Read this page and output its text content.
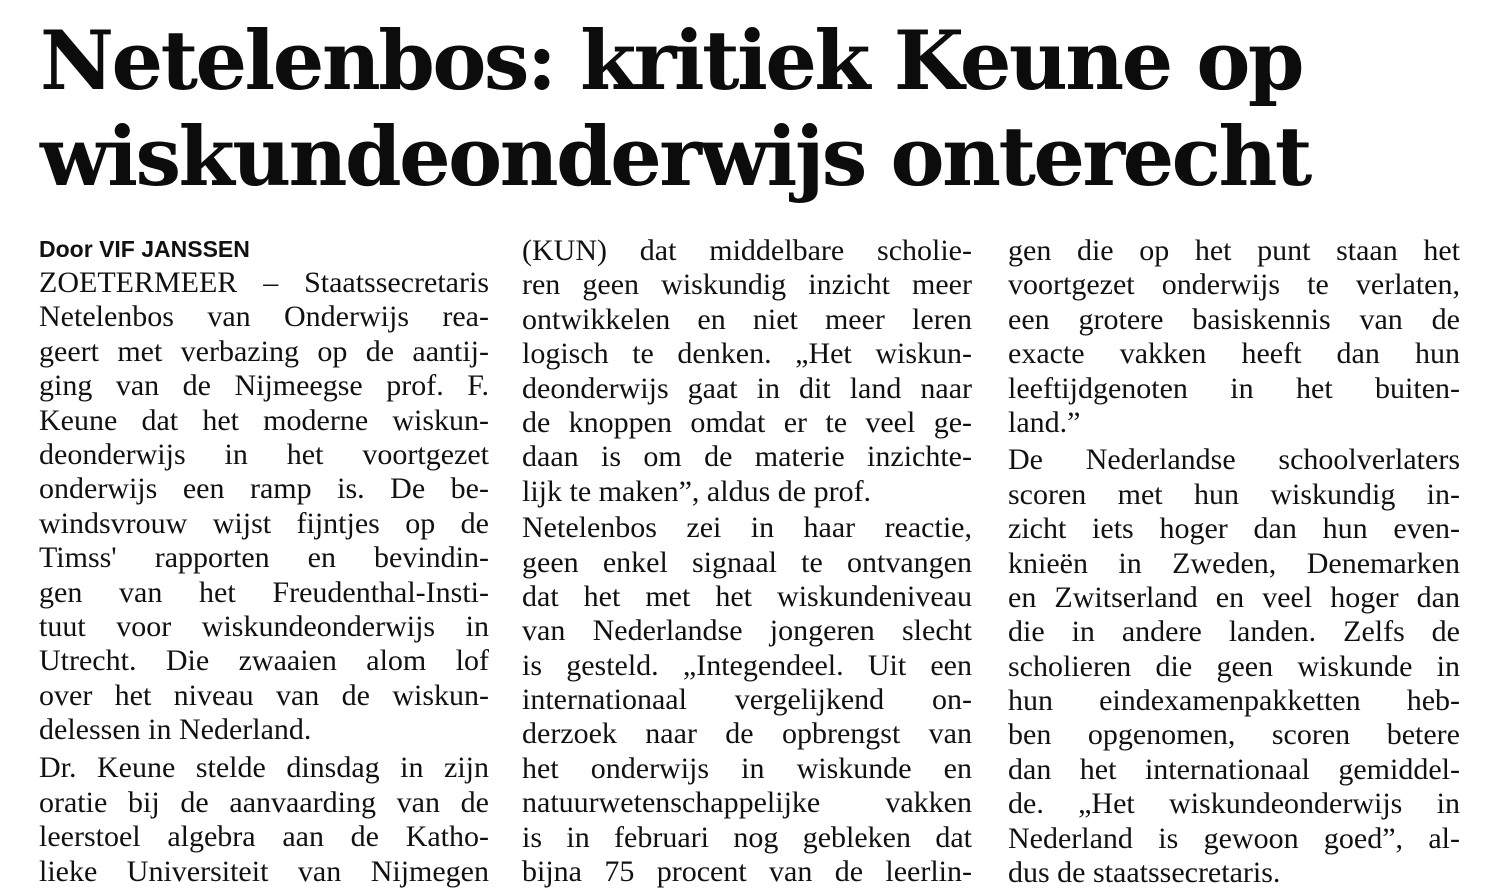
Netelenbos: kritiek Keune op
wiskundeonderwijs onterecht
Door VIF JANSSEN
ZOETERMEER – Staatssecretaris
Netelenbos van Onderwijs rea-
geert met verbazing op de aantij-
ging van de Nijmeegse prof. F.
Keune dat het moderne wiskun-
deonderwijs in het voortgezet
onderwijs een ramp is. De be-
windsvrouw wijst fijntjes op de
Timss' rapporten en bevindin-
gen van het Freudenthal-Insti-
tuut voor wiskundeonderwijs in
Utrecht. Die zwaaien alom lof
over het niveau van de wiskun-
delessen in Nederland.
Dr. Keune stelde dinsdag in zijn
oratie bij de aanvaarding van de
leerstoel algebra aan de Katho-
lieke Universiteit van Nijmegen
(KUN) dat middelbare scholie-
ren geen wiskundig inzicht meer
ontwikkelen en niet meer leren
logisch te denken. „Het wiskun-
deonderwijs gaat in dit land naar
de knoppen omdat er te veel ge-
daan is om de materie inzichte-
lijk te maken”, aldus de prof.
Netelenbos zei in haar reactie,
geen enkel signaal te ontvangen
dat het met het wiskundeniveau
van Nederlandse jongeren slecht
is gesteld. „Integendeel. Uit een
internationaal vergelijkend on-
derzoek naar de opbrengst van
het onderwijs in wiskunde en
natuurwetenschappelijke vakken
is in februari nog gebleken dat
bijna 75 procent van de leerlin-
gen die op het punt staan het
voortgezet onderwijs te verlaten,
een grotere basiskennis van de
exacte vakken heeft dan hun
leeftijdgenoten in het buiten-
land.”
De Nederlandse schoolverlaters
scoren met hun wiskundig in-
zicht iets hoger dan hun even-
knieën in Zweden, Denemarken
en Zwitserland en veel hoger dan
die in andere landen. Zelfs de
scholieren die geen wiskunde in
hun eindexamenpakketten heb-
ben opgenomen, scoren betere
dan het internationaal gemiddel-
de. „Het wiskundeonderwijs in
Nederland is gewoon goed”, al-
dus de staatssecretaris.
